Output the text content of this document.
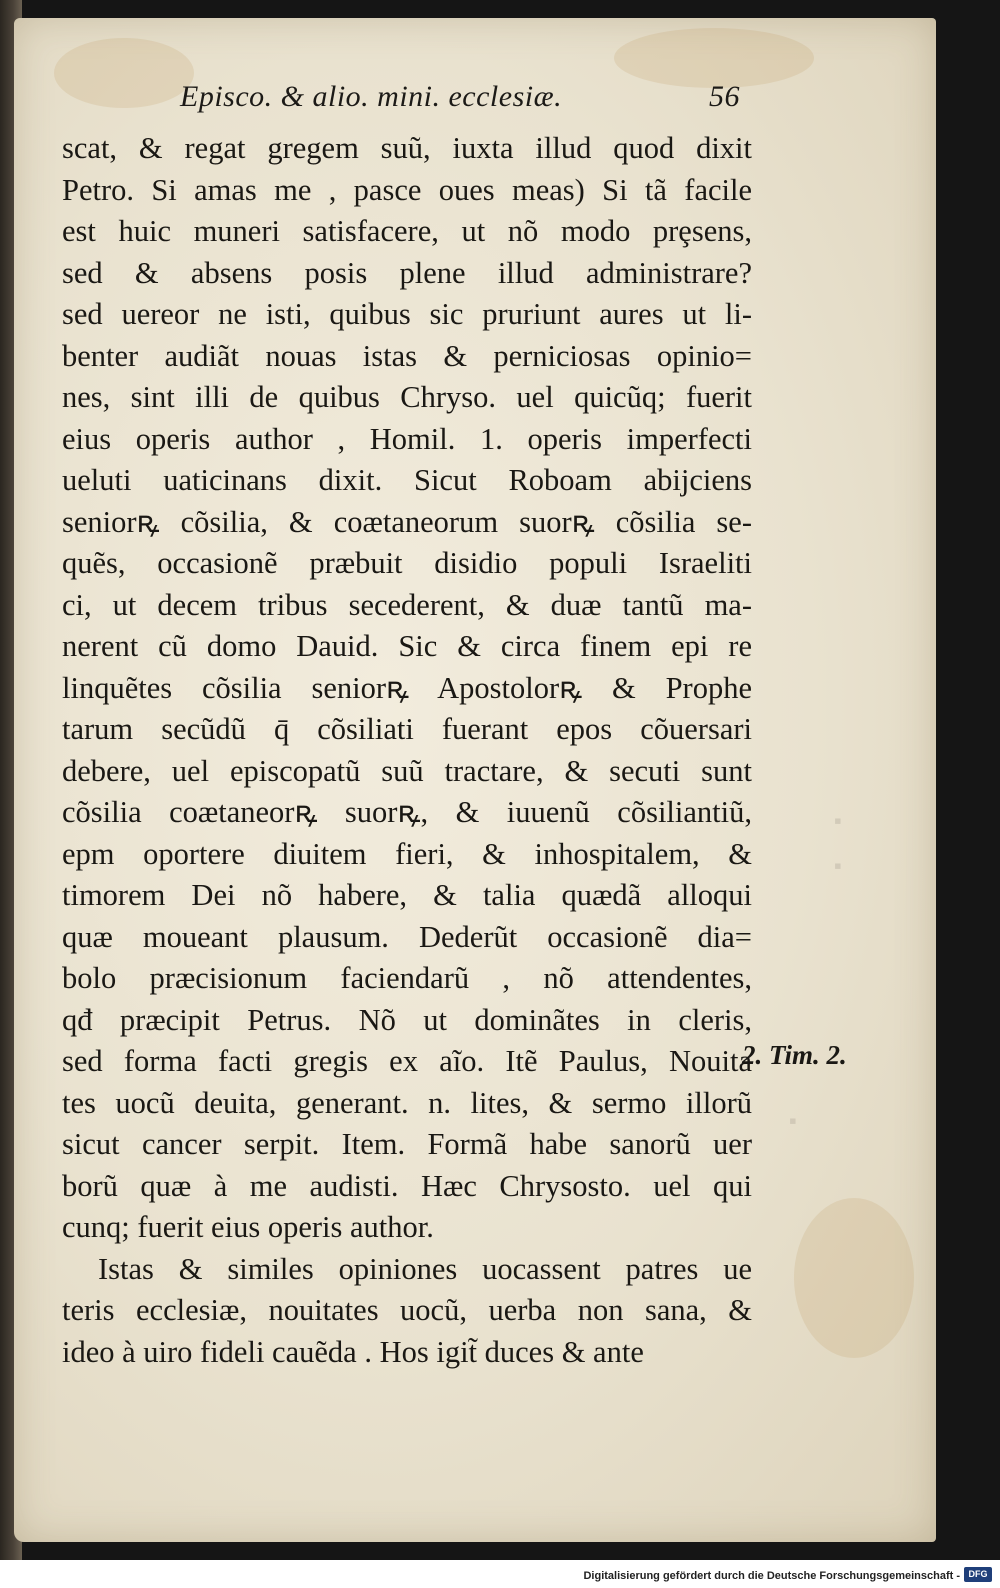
▪
▪
▪
Episco. & alio. mini. ecclesiæ.	56
scat, & regat gregem suũ, iuxta illud quod dixit
Petro. Si amas me , pasce oues meas) Si tã facile
est huic muneri satisfacere, ut nõ modo prȩsens,
sed & absens posis plene illud administrare?
sed uereor ne isti, quibus sic pruriunt aures ut li-
benter audiãt nouas istas & perniciosas opinio=
nes, sint illi de quibus Chryso. uel quicũq; fuerit
eius operis author , Homil. 1. operis imperfecti
ueluti uaticinans dixit. Sicut Roboam abijciens
seniorꝶ cõsilia, & coætaneorum suorꝶ cõsilia se-
quẽs, occasionẽ præbuit disidio populi Israeliti
ci, ut decem tribus secederent, & duæ tantũ ma-
nerent cũ domo Dauid. Sic & circa finem epi re
linquẽtes cõsilia seniorꝶ Apostolorꝶ & Prophe
tarum secũdũ q̄ cõsiliati fuerant epos cõuersari
debere, uel episcopatũ suũ tractare, & secuti sunt
cõsilia coætaneorꝶ suorꝶ, & iuuenũ cõsiliantiũ,
epm oportere diuitem fieri, & inhospitalem, &
timorem Dei nõ habere, & talia quædã alloqui
quæ moueant plausum. Dederũt occasionẽ dia=
bolo præcisionum faciendarũ , nõ attendentes,
qđ præcipit Petrus. Nõ ut dominãtes in cleris,
sed forma facti gregis ex aĩo. Itẽ Paulus, Nouita
tes uocũ deuita, generant. n. lites, & sermo illorũ
sicut cancer serpit. Item. Formã habe sanorũ uer
borũ quæ à me audisti. Hæc Chrysosto. uel qui
cunq; fuerit eius operis author.
Istas & similes opiniones uocassent patres ue
teris ecclesiæ, nouitates uocũ, uerba non sana, &
ideo à uiro fideli cauẽda . Hos igit̃ duces & ante
2. Tim. 2.
Digitalisierung gefördert durch die Deutsche Forschungsgemeinschaft - DFG
